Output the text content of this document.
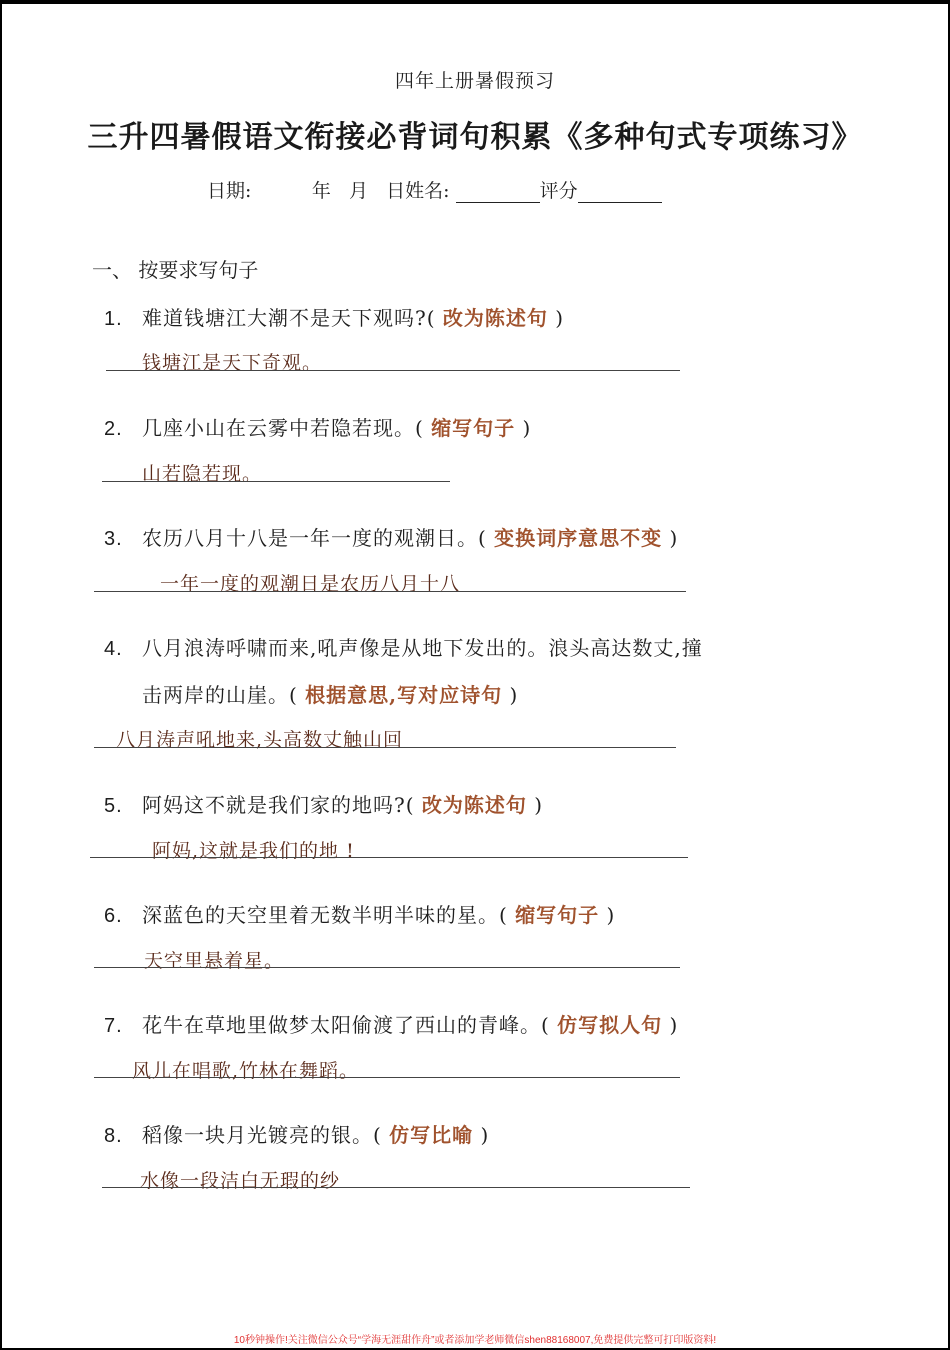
四年上册暑假预习
三升四暑假语文衔接必背词句积累《多种句式专项练习》
日期:	年 月 日姓名:	评分
一、 按要求写句子
1. 难道钱塘江大潮不是天下观吗?( 改为陈述句 )
钱塘江是天下奇观。
2. 几座小山在云雾中若隐若现。( 缩写句子 )
山若隐若现。
3. 农历八月十八是一年一度的观潮日。( 变换词序意思不变 )
一年一度的观潮日是农历八月十八
4. 八月浪涛呼啸而来,吼声像是从地下发出的。浪头高达数丈,撞
击两岸的山崖。( 根据意思,写对应诗句 )
八月涛声吼地来,头高数丈触山回
5. 阿妈这不就是我们家的地吗?( 改为陈述句 )
阿妈,这就是我们的地 !
6. 深蓝色的天空里着无数半明半味的星。( 缩写句子 )
天空里悬着星。
7. 花牛在草地里做梦太阳偷渡了西山的青峰。( 仿写拟人句 )
风儿在唱歌,竹林在舞蹈。
8. 稻像一块月光镀亮的银。( 仿写比喻 )
水像一段洁白无瑕的纱
10秒钟操作!关注微信公众号“学海无涯甜作舟”或者添加学老师微信shen88168007,免费提供完整可打印版资料!
